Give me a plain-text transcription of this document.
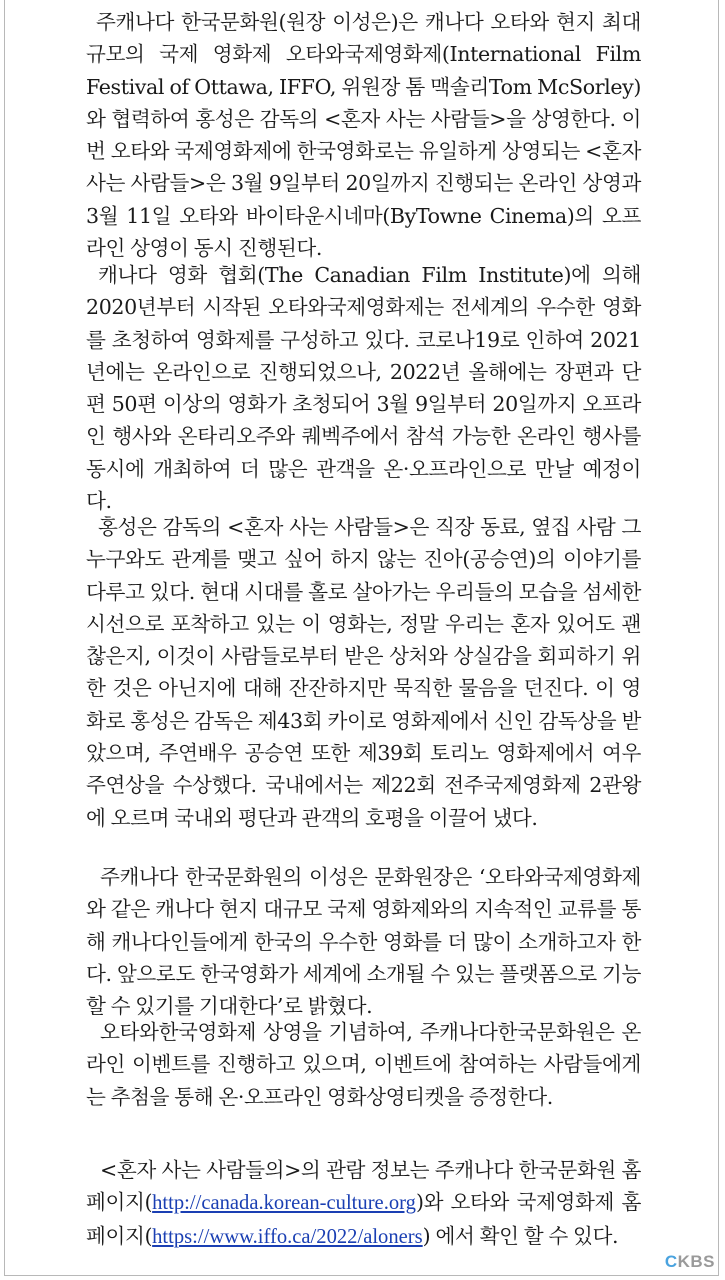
주캐나다 한국문화원(원장 이성은)은 캐나다 오타와 현지 최대규모의 국제 영화제 오타와국제영화제(International Film Festival of Ottawa, IFFO, 위원장 톰 맥솔리Tom McSorley)와 협력하여 홍성은 감독의 <혼자 사는 사람들>을 상영한다. 이번 오타와 국제영화제에 한국영화로는 유일하게 상영되는 <혼자 사는 사람들>은 3월 9일부터 20일까지 진행되는 온라인 상영과 3월 11일 오타와 바이타운시네마(ByTowne Cinema)의 오프라인 상영이 동시 진행된다.

캐나다 영화 협회(The Canadian Film Institute)에 의해 2020년부터 시작된 오타와국제영화제는 전세계의 우수한 영화를 초청하여 영화제를 구성하고 있다. 코로나19로 인하여 2021년에는 온라인으로 진행되었으나, 2022년 올해에는 장편과 단편 50편 이상의 영화가 초청되어 3월 9일부터 20일까지 오프라인 행사와 온타리오주와 퀘벡주에서 참석 가능한 온라인 행사를 동시에 개최하여 더 많은 관객을 온·오프라인으로 만날 예정이다.

홍성은 감독의 <혼자 사는 사람들>은 직장 동료, 옆집 사람 그 누구와도 관계를 맺고 싶어 하지 않는 진아(공승연)의 이야기를 다루고 있다. 현대 시대를 홀로 살아가는 우리들의 모습을 섬세한 시선으로 포착하고 있는 이 영화는, 정말 우리는 혼자 있어도 괜찮은지, 이것이 사람들로부터 받은 상처와 상실감을 회피하기 위한 것은 아닌지에 대해 잔잔하지만 묵직한 물음을 던진다. 이 영화로 홍성은 감독은 제43회 카이로 영화제에서 신인 감독상을 받았으며, 주연배우 공승연 또한 제39회 토리노 영화제에서 여우 주연상을 수상했다. 국내에서는 제22회 전주국제영화제 2관왕에 오르며 국내외 평단과 관객의 호평을 이끌어 냈다.

주캐나다 한국문화원의 이성은 문화원장은 ‘오타와국제영화제와 같은 캐나다 현지 대규모 국제 영화제와의 지속적인 교류를 통해 캐나다인들에게 한국의 우수한 영화를 더 많이 소개하고자 한다. 앞으로도 한국영화가 세계에 소개될 수 있는 플랫폼으로 기능할 수 있기를 기대한다’로 밝혔다.

오타와한국영화제 상영을 기념하여, 주캐나다한국문화원은 온라인 이벤트를 진행하고 있으며, 이벤트에 참여하는 사람들에게는 추첨을 통해 온·오프라인 영화상영티켓을 증정한다.

<혼자 사는 사람들의>의 관람 정보는 주캐나다 한국문화원 홈페이지(http://canada.korean-culture.org)와 오타와 국제영화제 홈페이지(https://www.iffo.ca/2022/aloners) 에서 확인 할 수 있다.

CKBS
